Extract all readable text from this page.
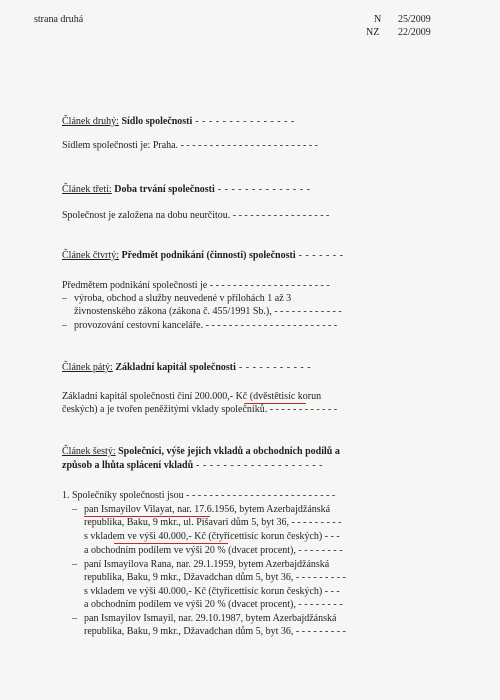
strana druhá	N 25/2009
NZ 22/2009
Článek druhý: Sídlo společnosti - - - - - - - - - - - - - - -
Sídlem společnosti je: Praha. - - - - - - - - - - - - - - - - - - - - - - - -
Článek třetí: Doba trvání společnosti - - - - - - - - - - - - - -
Společnost je založena na dobu neurčitou. - - - - - - - - - - - - - - - - -
Článek čtvrtý: Předmět podnikání (činnosti) společnosti - - - - - - -
Předmětem podnikání společnosti je - - - - - - - - - - - - - - - - - - - - -
– výroba, obchod a služby neuvedené v přílohách 1 až 3
živnostenského zákona (zákona č. 455/1991 Sb.), - - - - - - - - - - - -
– provozování cestovní kanceláře. - - - - - - - - - - - - - - - - - - - - - - -
Článek pátý: Základní kapitál společnosti - - - - - - - - - - -
Základní kapitál společnosti činí 200.000,- Kč (dvěstětisíc korun
českých) a je tvořen peněžitými vklady společníků. - - - - - - - - - - - -
Článek šestý: Společníci, výše jejich vkladů a obchodních podílů a
způsob a lhůta splácení vkladů - - - - - - - - - - - - - - - - - - -
1. Společníky společnosti jsou - - - - - - - - - - - - - - - - - - - - - - - - - -
– pan Ismayilov Vilayat, nar. 17.6.1956, bytem Azerbajdžánská
republika, Baku, 9 mkr., ul. Pišavari dům 5, byt 36, - - - - - - - - -
s vkladem ve výši 40.000,- Kč (čtyřicettisíc korun českých) - - -
a obchodním podílem ve výši 20 % (dvacet procent), - - - - - - - -
– paní Ismayilova Rana, nar. 29.1.1959, bytem Azerbajdžánská
republika, Baku, 9 mkr., Džavadchan dům 5, byt 36, - - - - - - - - -
s vkladem ve výši 40.000,- Kč (čtyřicettisíc korun českých) - - -
a obchodním podílem ve výši 20 % (dvacet procent), - - - - - - - -
– pan Ismayilov Ismayil, nar. 29.10.1987, bytem Azerbajdžánská
republika, Baku, 9 mkr., Džavadchan dům 5, byt 36, - - - - - - - - -
